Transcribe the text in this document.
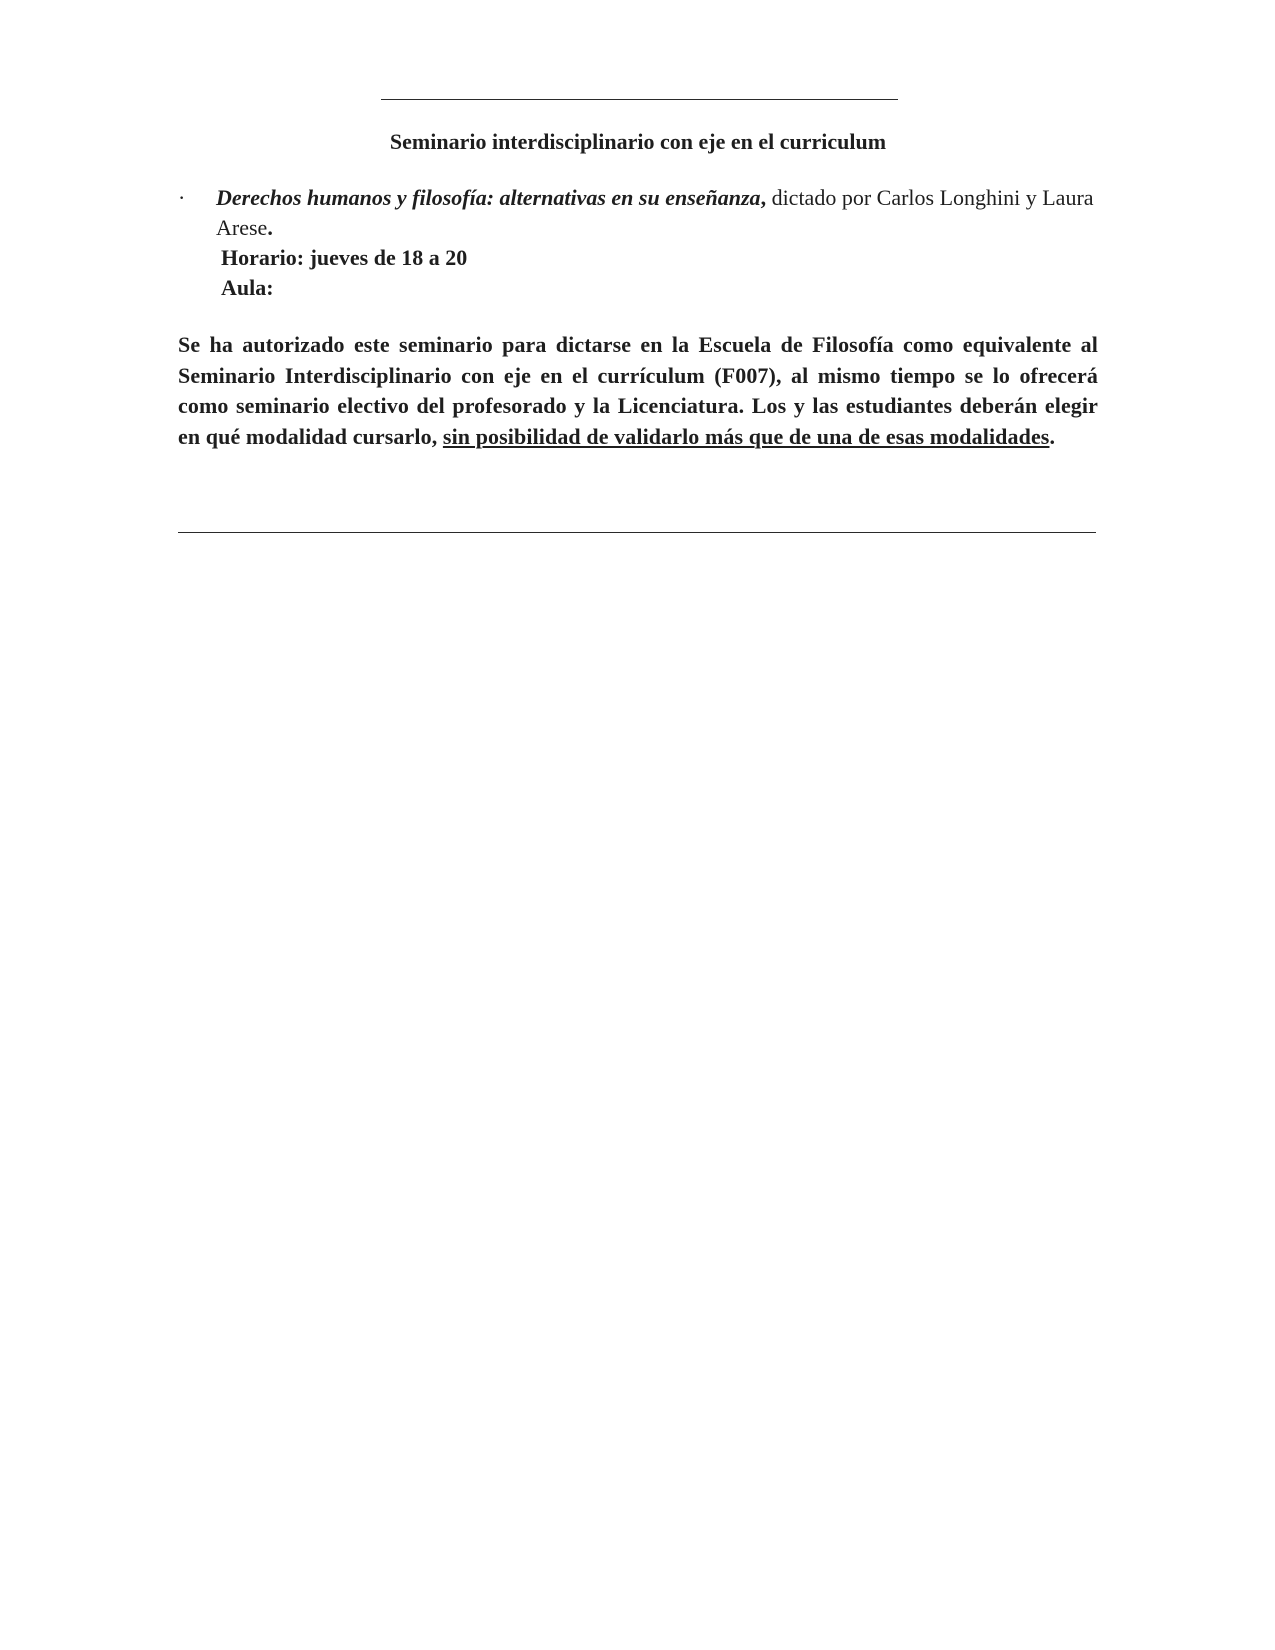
Seminario interdisciplinario con eje en el curriculum
·	Derechos humanos y filosofía: alternativas en su enseñanza, dictado por Carlos Longhini y Laura Arese.
Horario: jueves de 18 a 20
Aula:
Se ha autorizado este seminario para dictarse en la Escuela de Filosofía como equivalente al Seminario Interdisciplinario con eje en el currículum (F007), al mismo tiempo se lo ofrecerá como seminario electivo del profesorado y la Licenciatura. Los y las estudiantes deberán elegir en qué modalidad cursarlo, sin posibilidad de validarlo más que de una de esas modalidades.
